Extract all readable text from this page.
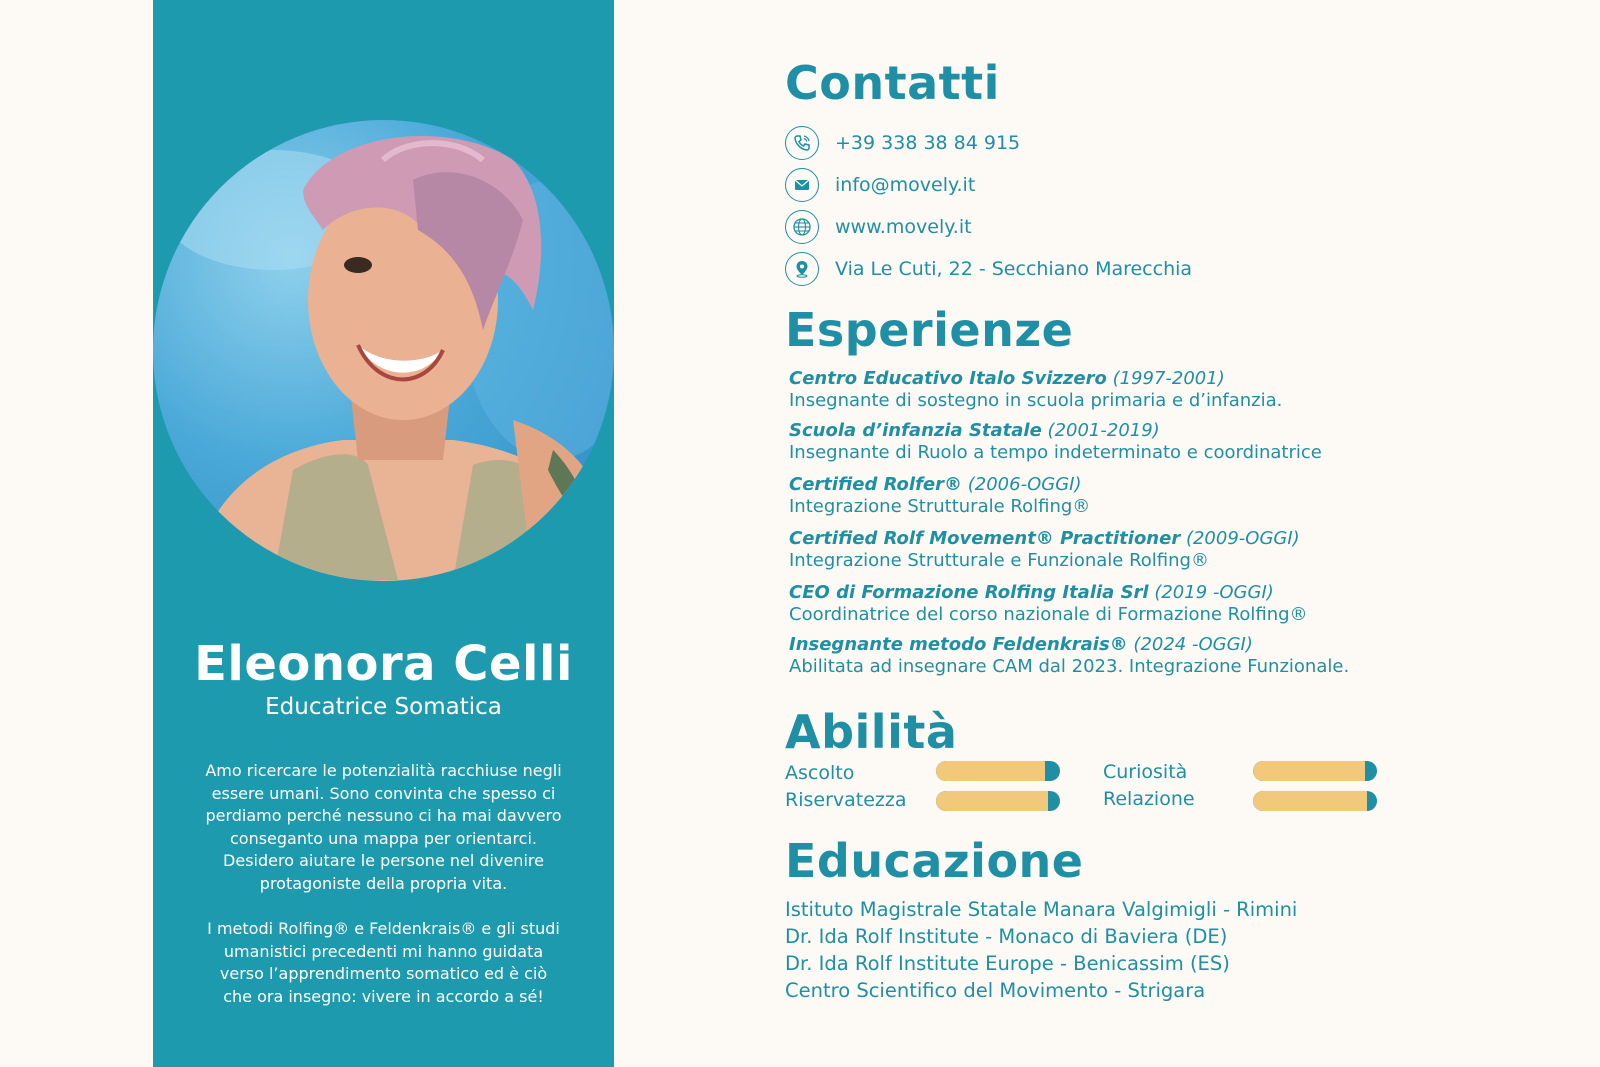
Eleonora Celli
Educatrice Somatica
Amo ricercare le potenzialità racchiuse negli essere umani. Sono convinta che spesso ci perdiamo perché nessuno ci ha mai davvero conseganto una mappa per orientarci. Desidero aiutare le persone nel divenire protagoniste della propria vita.
I metodi Rolfing® e Feldenkrais® e gli studi umanistici precedenti mi hanno guidata verso l’apprendimento somatico ed è ciò che ora insegno: vivere in accordo a sé!
Contatti
+39 338 38 84 915
info@movely.it
www.movely.it
Via Le Cuti, 22 - Secchiano Marecchia
Esperienze
Centro Educativo Italo Svizzero (1997-2001)
Insegnante di sostegno in scuola primaria e d’infanzia.
Scuola d’infanzia Statale (2001-2019)
Insegnante di Ruolo a tempo indeterminato e coordinatrice
Certified Rolfer® (2006-OGGI)
Integrazione Strutturale Rolfing®
Certified Rolf Movement® Practitioner (2009-OGGI)
Integrazione Strutturale e Funzionale Rolfing®
CEO di Formazione Rolfing Italia Srl (2019 -OGGI)
Coordinatrice del corso nazionale di Formazione Rolfing®
Insegnante metodo Feldenkrais® (2024 -OGGI)
Abilitata ad insegnare CAM dal 2023. Integrazione Funzionale.
Abilità
Ascolto	Curiosità
Riservatezza	Relazione
Educazione
Istituto Magistrale Statale Manara Valgimigli - Rimini
Dr. Ida Rolf Institute - Monaco di Baviera (DE)
Dr. Ida Rolf Institute Europe - Benicassim (ES)
Centro Scientifico del Movimento - Strigara
